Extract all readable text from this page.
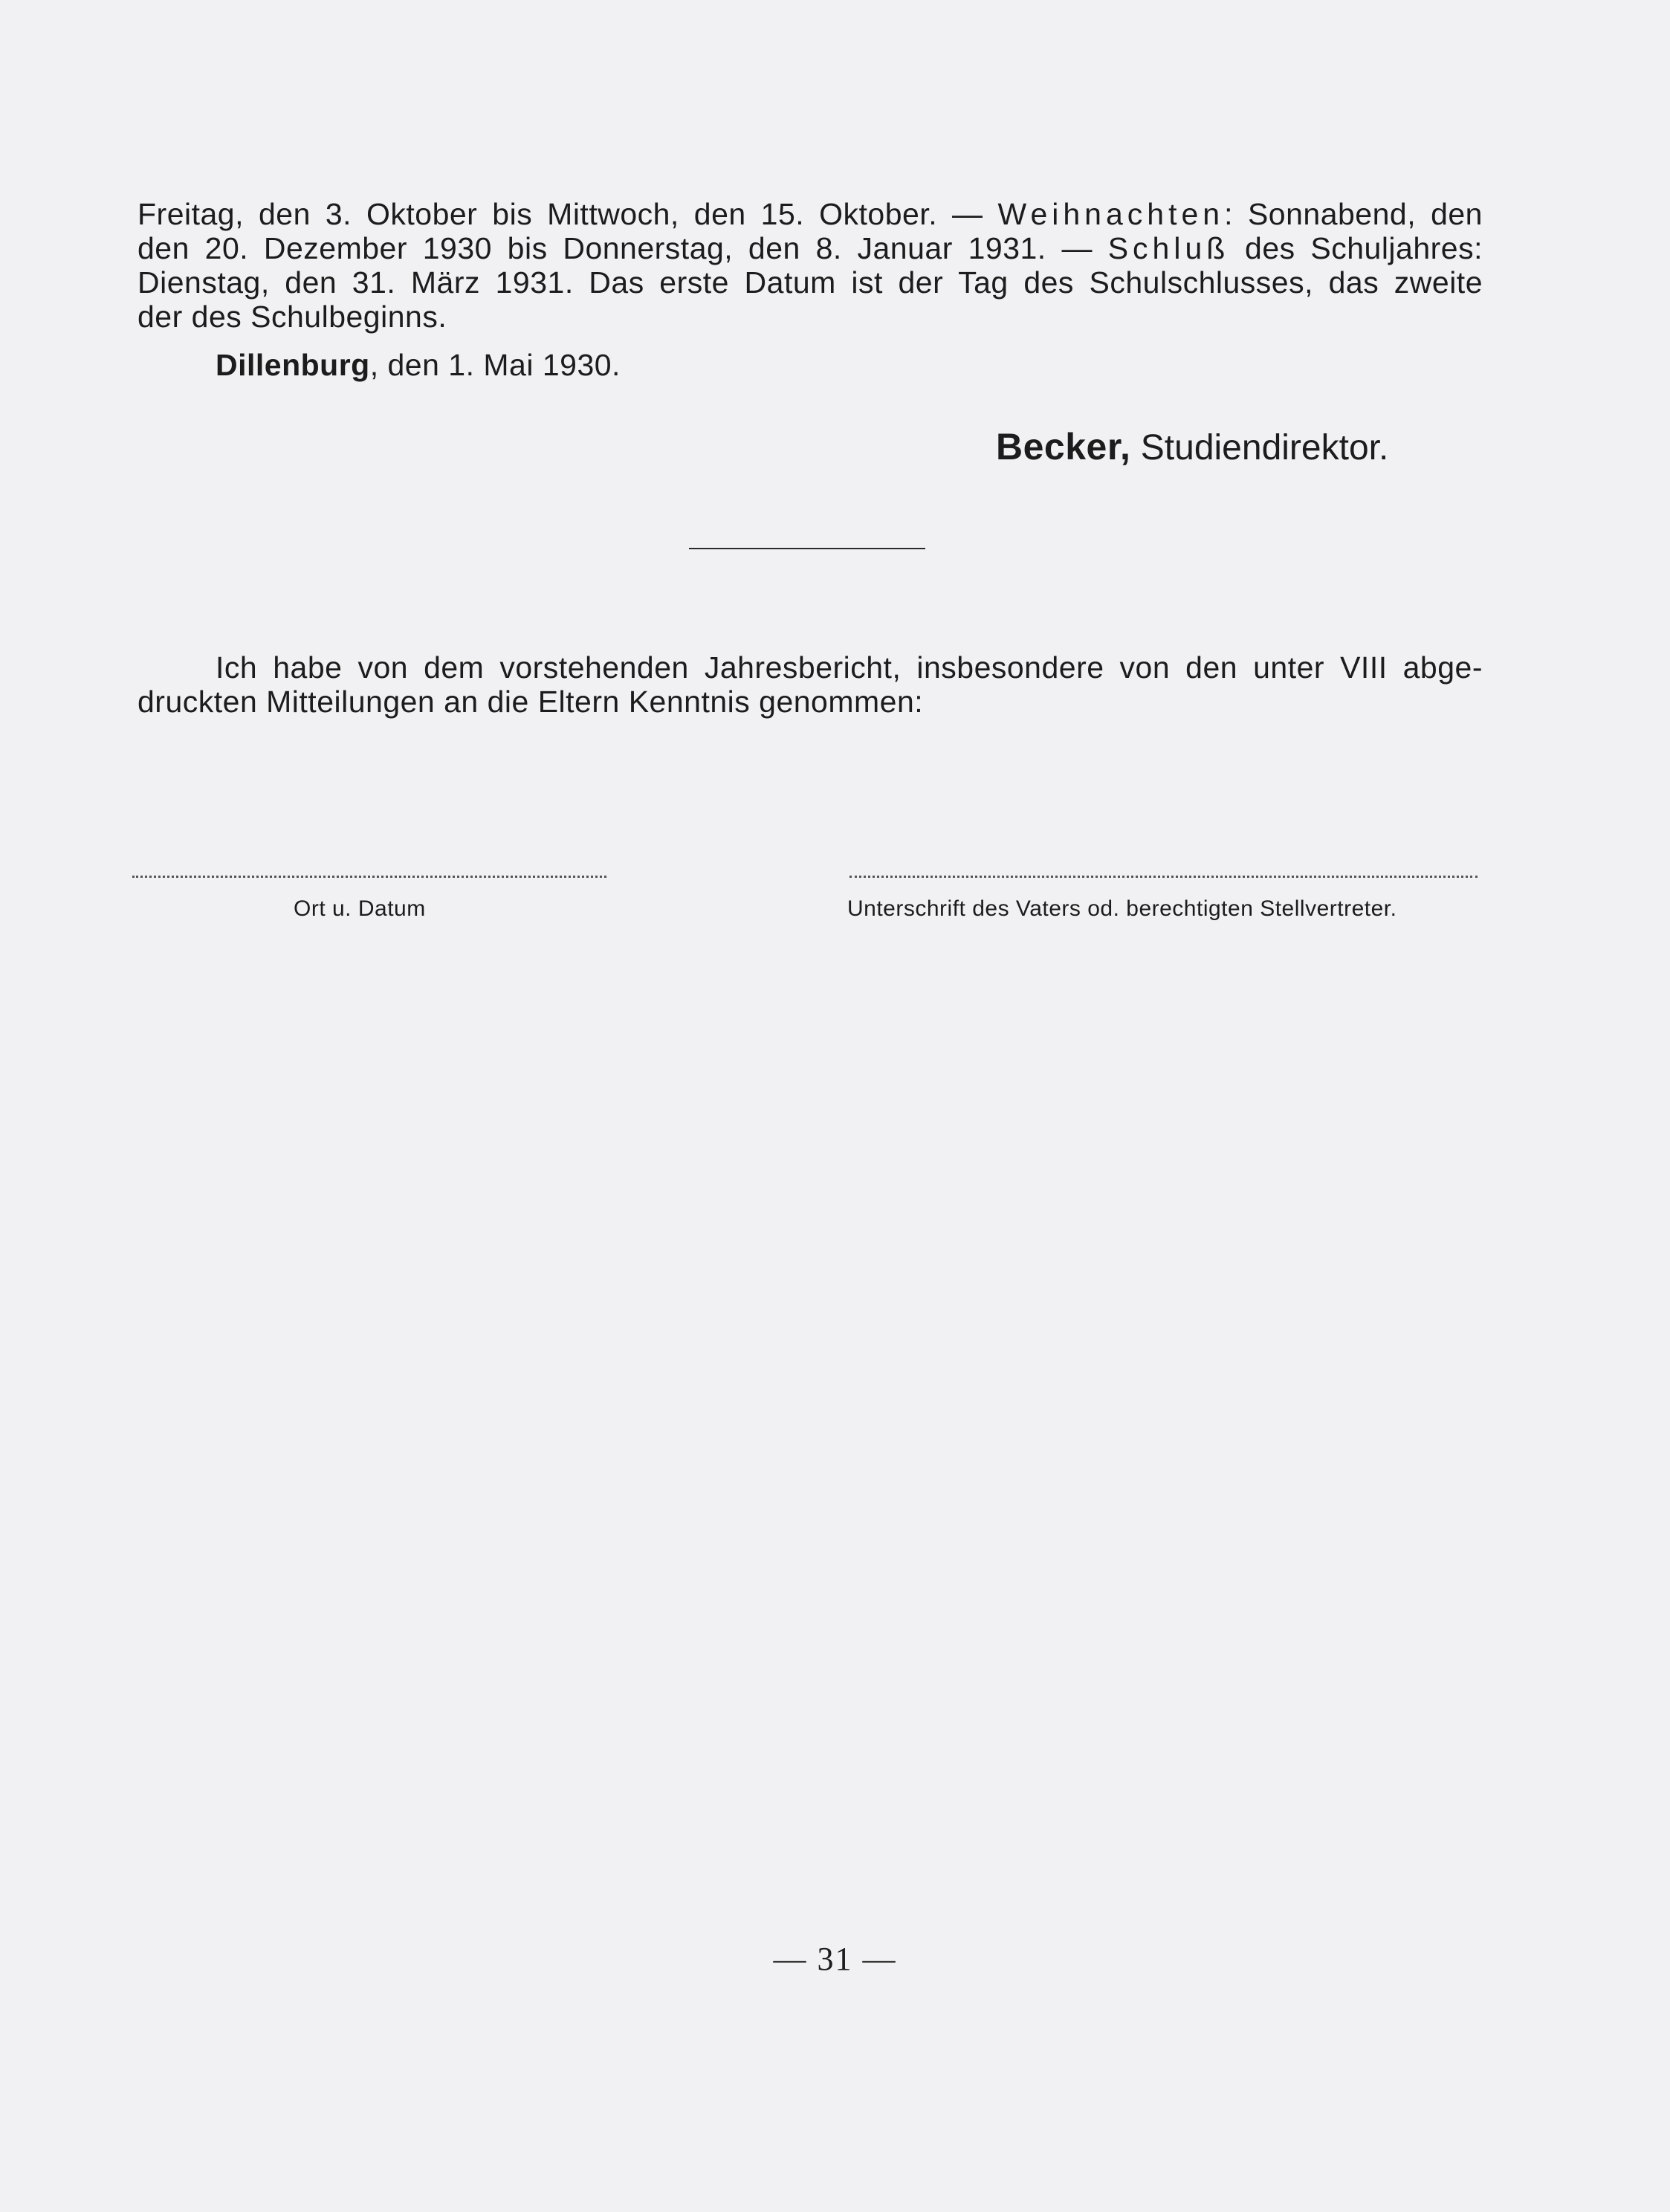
Freitag, den 3. Oktober bis Mittwoch, den 15. Oktober. — Weihnachten: Sonnabend, den
den 20. Dezember 1930 bis Donnerstag, den 8. Januar 1931. — Schluß des Schuljahres:
Dienstag, den 31. März 1931. Das erste Datum ist der Tag des Schulschlusses, das zweite
der des Schulbeginns.
Dillenburg, den 1. Mai 1930.
Becker, Studiendirektor.
Ich habe von dem vorstehenden Jahresbericht, insbesondere von den unter VIII abge-
druckten Mitteilungen an die Eltern Kenntnis genommen:
Ort u. Datum	Unterschrift des Vaters od. berechtigten Stellvertreter.
— 31 —
